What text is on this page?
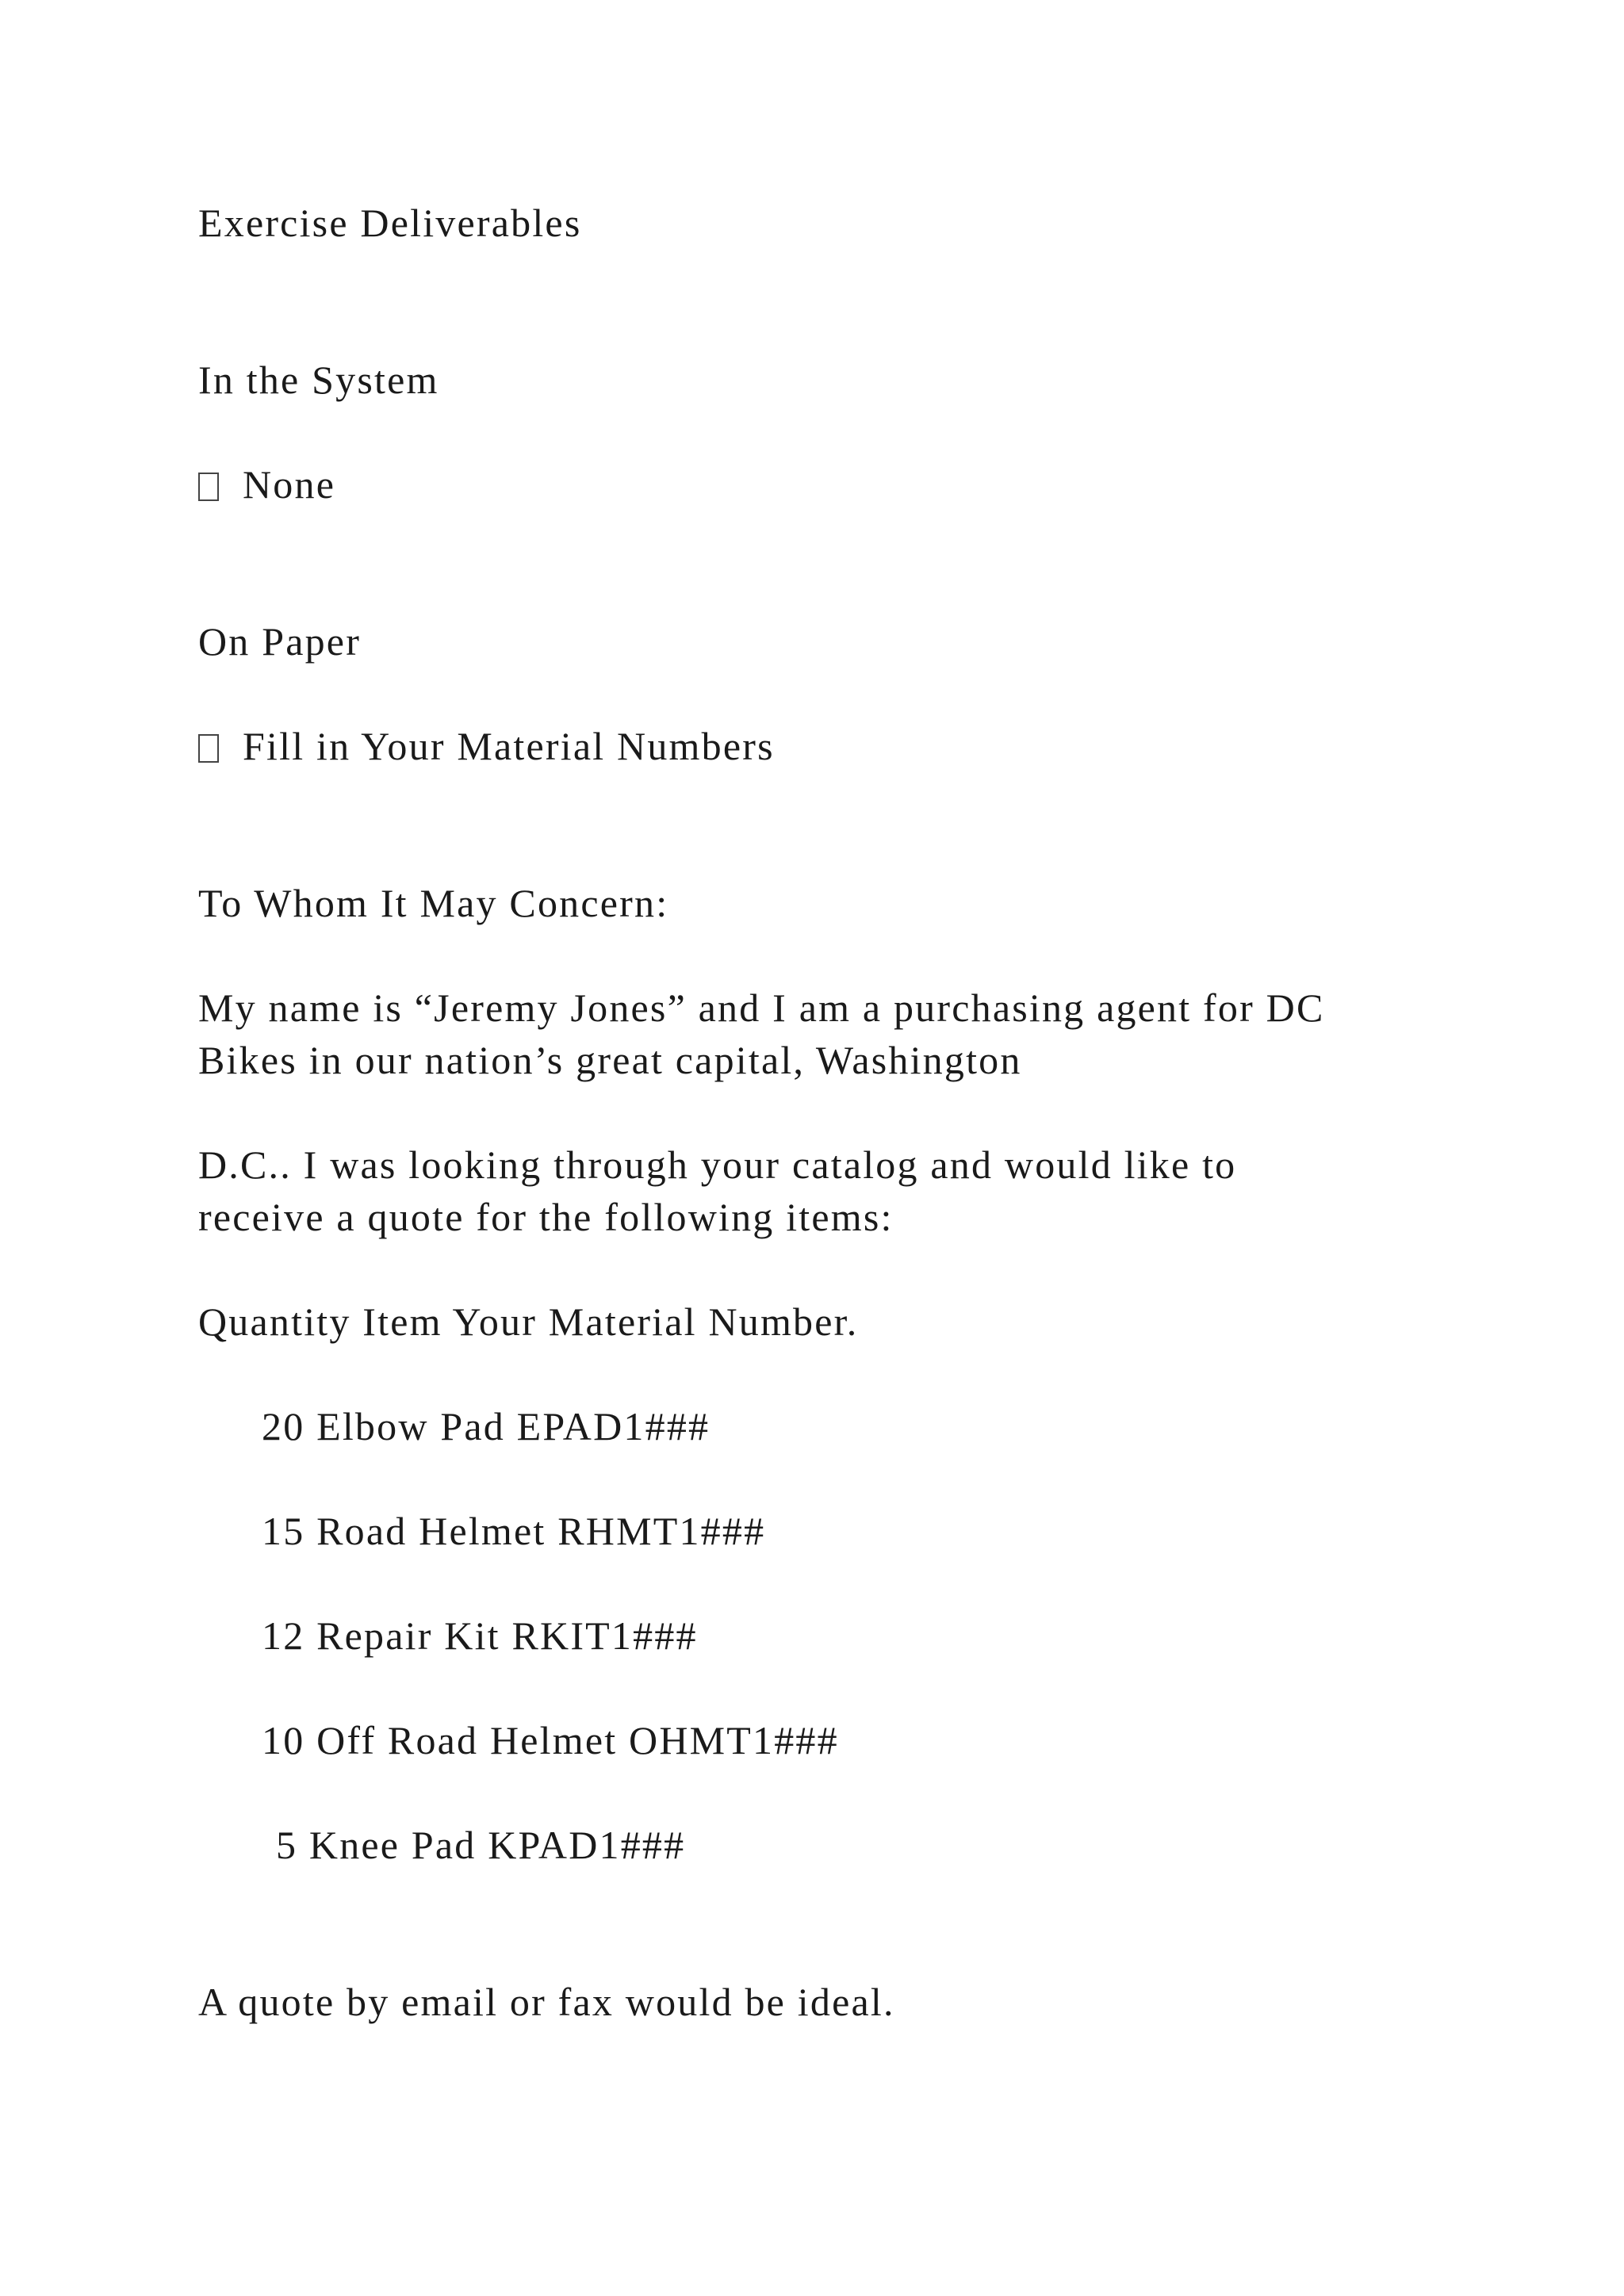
Exercise Deliverables
In the System
None
On Paper
Fill in Your Material Numbers
To Whom It May Concern:
My name is “Jeremy Jones” and I am a purchasing agent for DC
Bikes in our nation’s great capital, Washington
D.C.. I was looking through your catalog and would like to
receive a quote for the following items:
Quantity Item Your Material Number.
20 Elbow Pad EPAD1###
15 Road Helmet RHMT1###
12 Repair Kit RKIT1###
10 Off Road Helmet OHMT1###
5 Knee Pad KPAD1###
A quote by email or fax would be ideal.
